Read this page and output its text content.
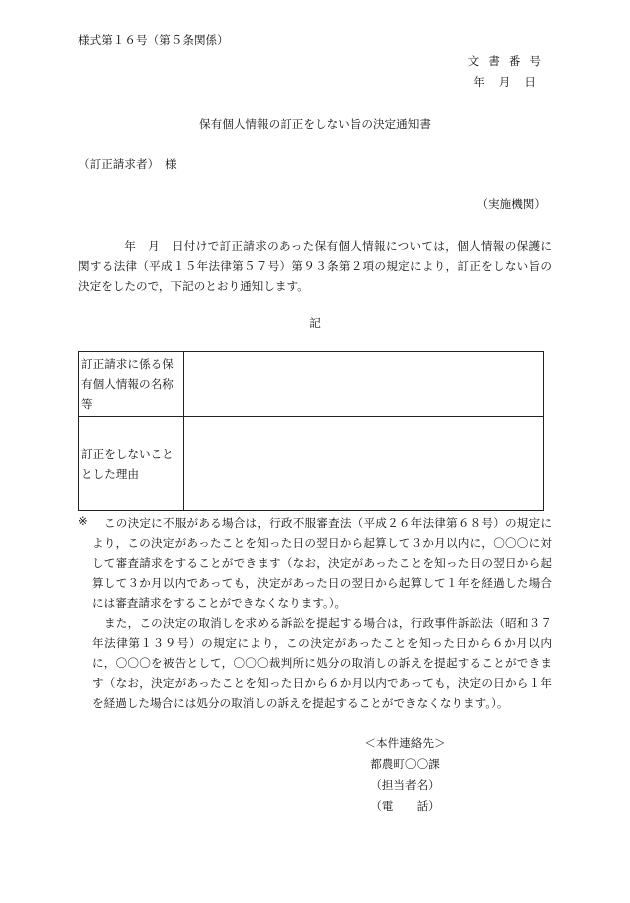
様式第１６号（第５条関係）
文書番号
年月日
保有個人情報の訂正をしない旨の決定通知書
（訂正請求者）　様
（実施機関）
年　月　日付けで訂正請求のあった保有個人情報については，個人情報の保護に関する法律（平成１５年法律第５７号）第９３条第２項の規定により，訂正をしない旨の決定をしたので，下記のとおり通知します。
記
訂正請求に係る保有個人情報の名称等	
訂正をしないこととした理由	
※	この決定に不服がある場合は，行政不服審査法（平成２６年法律第６８号）の規定により，この決定があったことを知った日の翌日から起算して３か月以内に，〇〇〇に対して審査請求をすることができます（なお，決定があったことを知った日の翌日から起算して３か月以内であっても，決定があった日の翌日から起算して１年を経過した場合には審査請求をすることができなくなります。）。
また，この決定の取消しを求める訴訟を提起する場合は，行政事件訴訟法（昭和３７年法律第１３９号）の規定により，この決定があったことを知った日から６か月以内に，〇〇〇を被告として，〇〇〇裁判所に処分の取消しの訴えを提起することができます（なお，決定があったことを知った日から６か月以内であっても，決定の日から１年を経過した場合には処分の取消しの訴えを提起することができなくなります。）。
＜本件連絡先＞
都農町〇〇課
（担当者名）
（電　　話）
